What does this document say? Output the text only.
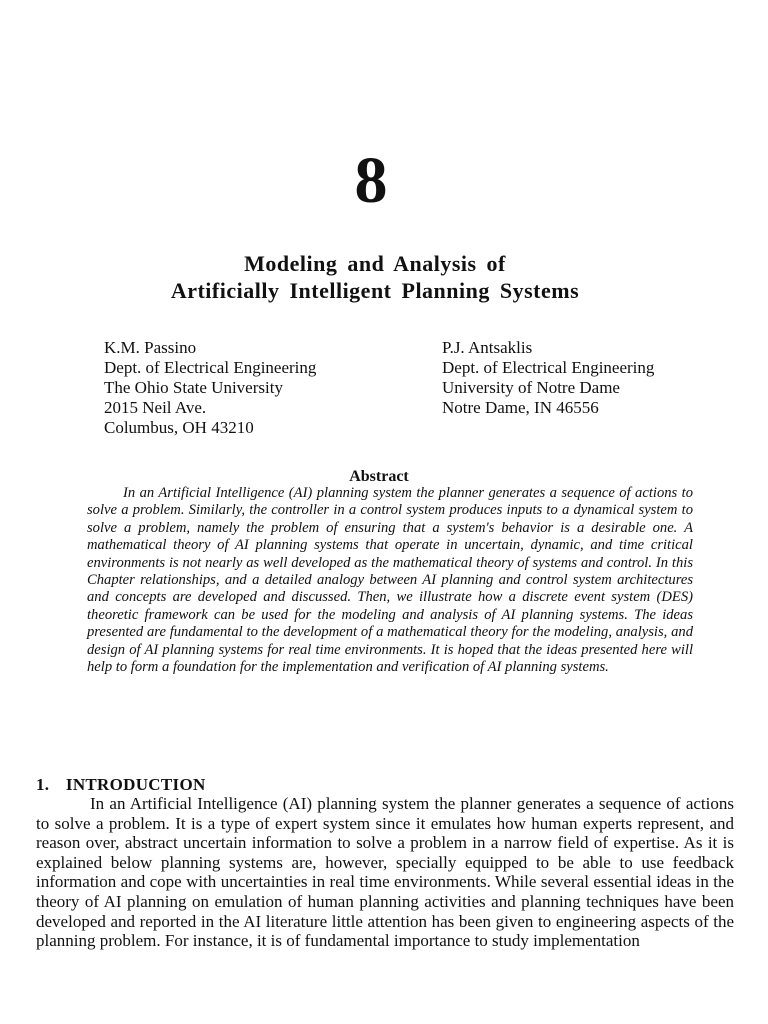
8
Modeling and Analysis of
Artificially Intelligent Planning Systems
K.M. Passino
Dept. of Electrical Engineering
The Ohio State University
2015 Neil Ave.
Columbus, OH 43210
P.J. Antsaklis
Dept. of Electrical Engineering
University of Notre Dame
Notre Dame, IN 46556
Abstract

In an Artificial Intelligence (AI) planning system the planner generates a sequence of actions to solve a problem. Similarly, the controller in a control system produces inputs to a dynamical system to solve a problem, namely the problem of ensuring that a system's behavior is a desirable one. A mathematical theory of AI planning systems that operate in uncertain, dynamic, and time critical environments is not nearly as well developed as the mathematical theory of systems and control. In this Chapter relationships, and a detailed analogy between AI planning and control system architectures and concepts are developed and discussed. Then, we illustrate how a discrete event system (DES) theoretic framework can be used for the modeling and analysis of AI planning systems. The ideas presented are fundamental to the development of a mathematical theory for the modeling, analysis, and design of AI planning systems for real time environments. It is hoped that the ideas presented here will help to form a foundation for the implementation and verification of AI planning systems.

1. INTRODUCTION

In an Artificial Intelligence (AI) planning system the planner generates a sequence of actions to solve a problem. It is a type of expert system since it emulates how human experts represent, and reason over, abstract uncertain information to solve a problem in a narrow field of expertise. As it is explained below planning systems are, however, specially equipped to be able to use feedback information and cope with uncertainties in real time environments. While several essential ideas in the theory of AI planning on emulation of human planning activities and planning techniques have been developed and reported in the AI literature little attention has been given to engineering aspects of the planning problem. For instance, it is of fundamental importance to study implementation
